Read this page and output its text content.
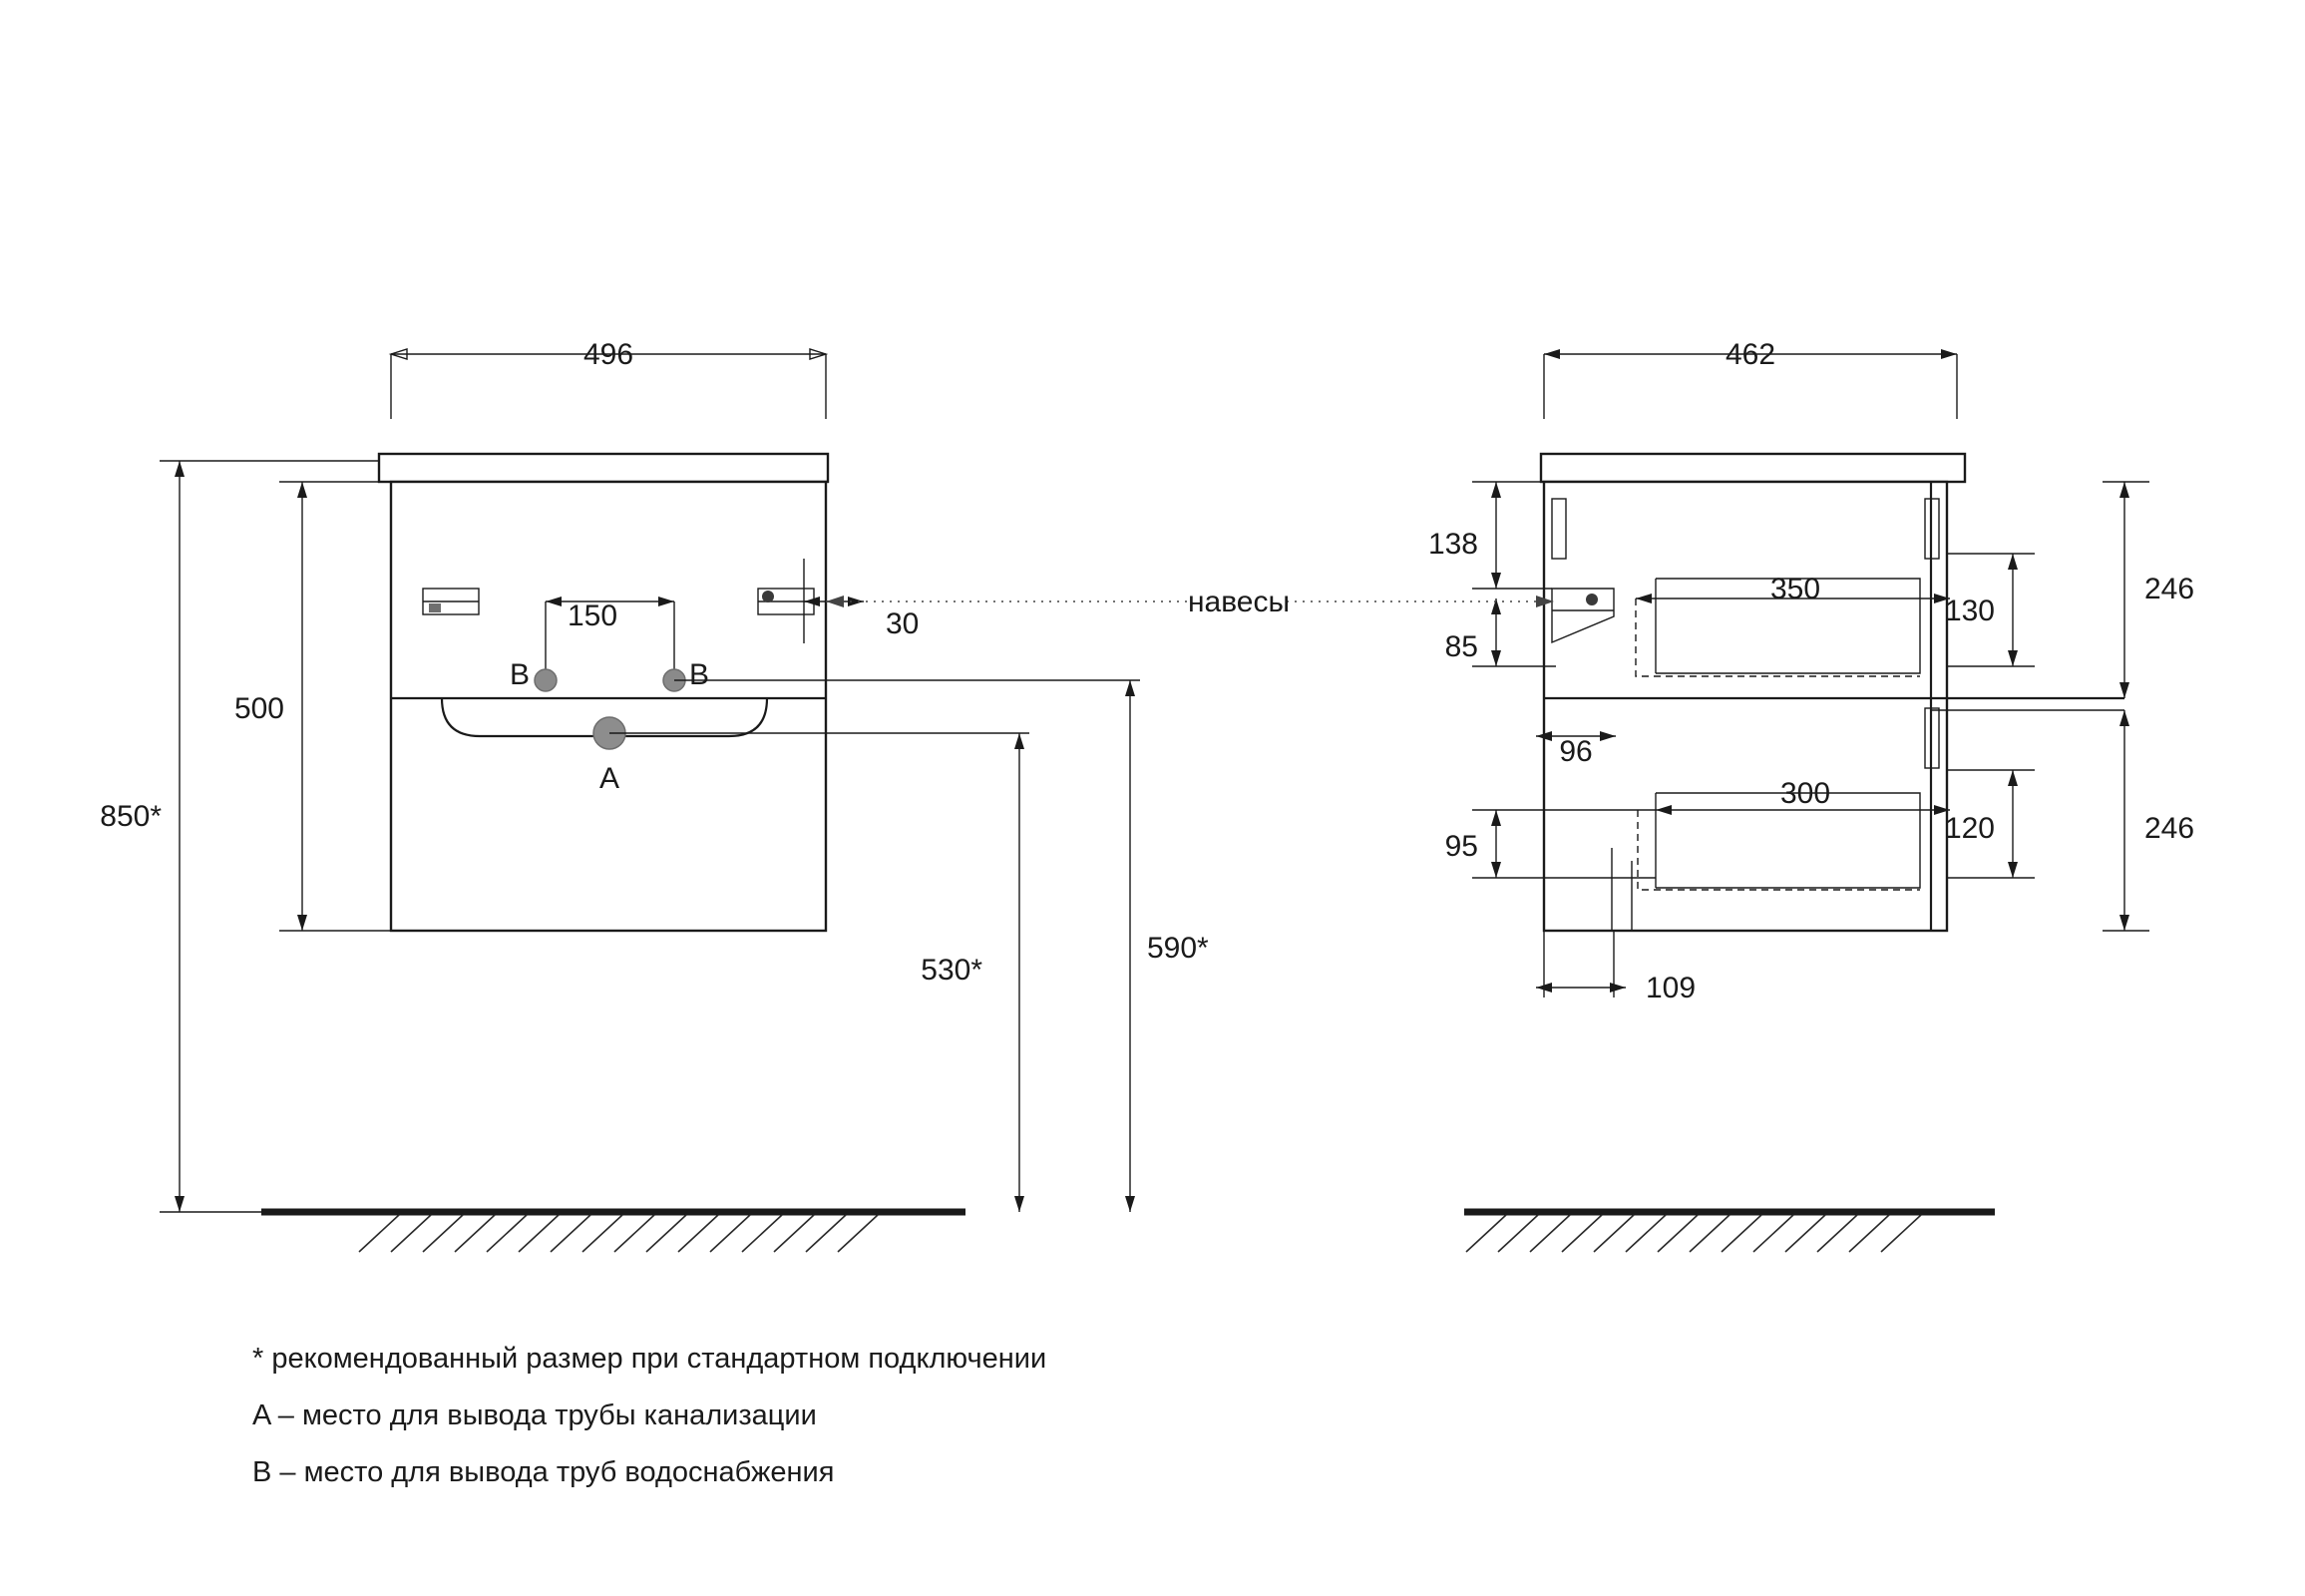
150	30
B	B
A
590*
530*
500
850*
462
138
85
96
350
300
130
120
246
246
95
109
навесы
496
* рекомендованный размер при стандартном подключении
A – место для вывода трубы канализации
B – место для вывода труб водоснабжения
